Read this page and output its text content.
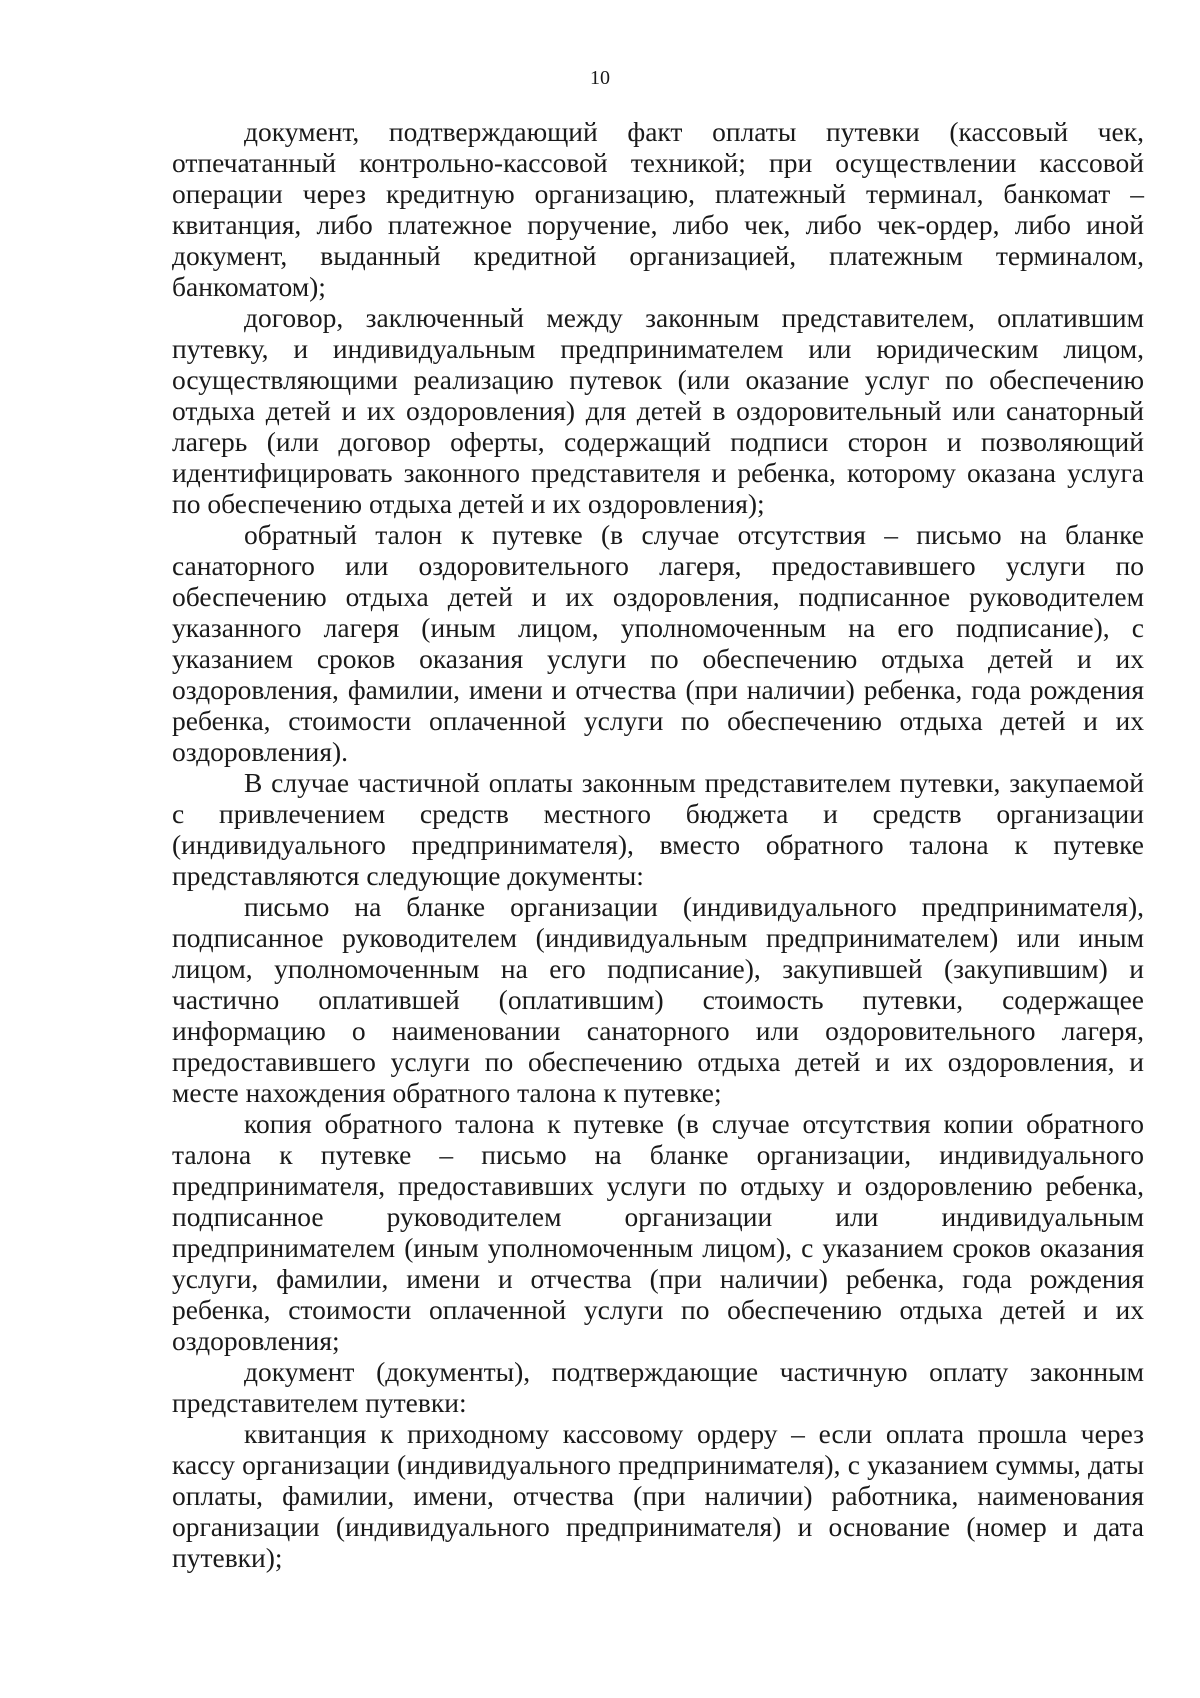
10

документ, подтверждающий факт оплаты путевки (кассовый чек, отпечатанный контрольно-кассовой техникой; при осуществлении кассовой операции через кредитную организацию, платежный терминал, банкомат – квитанция, либо платежное поручение, либо чек, либо чек-ордер, либо иной документ, выданный кредитной организацией, платежным терминалом, банкоматом);

договор, заключенный между законным представителем, оплатившим путевку, и индивидуальным предпринимателем или юридическим лицом, осуществляющими реализацию путевок (или оказание услуг по обеспечению отдыха детей и их оздоровления) для детей в оздоровительный или санаторный лагерь (или договор оферты, содержащий подписи сторон и позволяющий идентифицировать законного представителя и ребенка, которому оказана услуга по обеспечению отдыха детей и их оздоровления);

обратный талон к путевке (в случае отсутствия – письмо на бланке санаторного или оздоровительного лагеря, предоставившего услуги по обеспечению отдыха детей и их оздоровления, подписанное руководителем указанного лагеря (иным лицом, уполномоченным на его подписание), с указанием сроков оказания услуги по обеспечению отдыха детей и их оздоровления, фамилии, имени и отчества (при наличии) ребенка, года рождения ребенка, стоимости оплаченной услуги по обеспечению отдыха детей и их оздоровления).

В случае частичной оплаты законным представителем путевки, закупаемой с привлечением средств местного бюджета и средств организации (индивидуального предпринимателя), вместо обратного талона к путевке представляются следующие документы:

письмо на бланке организации (индивидуального предпринимателя), подписанное руководителем (индивидуальным предпринимателем) или иным лицом, уполномоченным на его подписание), закупившей (закупившим) и частично оплатившей (оплатившим) стоимость путевки, содержащее информацию о наименовании санаторного или оздоровительного лагеря, предоставившего услуги по обеспечению отдыха детей и их оздоровления, и месте нахождения обратного талона к путевке;

копия обратного талона к путевке (в случае отсутствия копии обратного талона к путевке – письмо на бланке организации, индивидуального предпринимателя, предоставивших услуги по отдыху и оздоровлению ребенка, подписанное руководителем организации или индивидуальным предпринимателем (иным уполномоченным лицом), с указанием сроков оказания услуги, фамилии, имени и отчества (при наличии) ребенка, года рождения ребенка, стоимости оплаченной услуги по обеспечению отдыха детей и их оздоровления;

документ (документы), подтверждающие частичную оплату законным представителем путевки:

квитанция к приходному кассовому ордеру – если оплата прошла через кассу организации (индивидуального предпринимателя), с указанием суммы, даты оплаты, фамилии, имени, отчества (при наличии) работника, наименования организации (индивидуального предпринимателя) и основание (номер и дата путевки);
